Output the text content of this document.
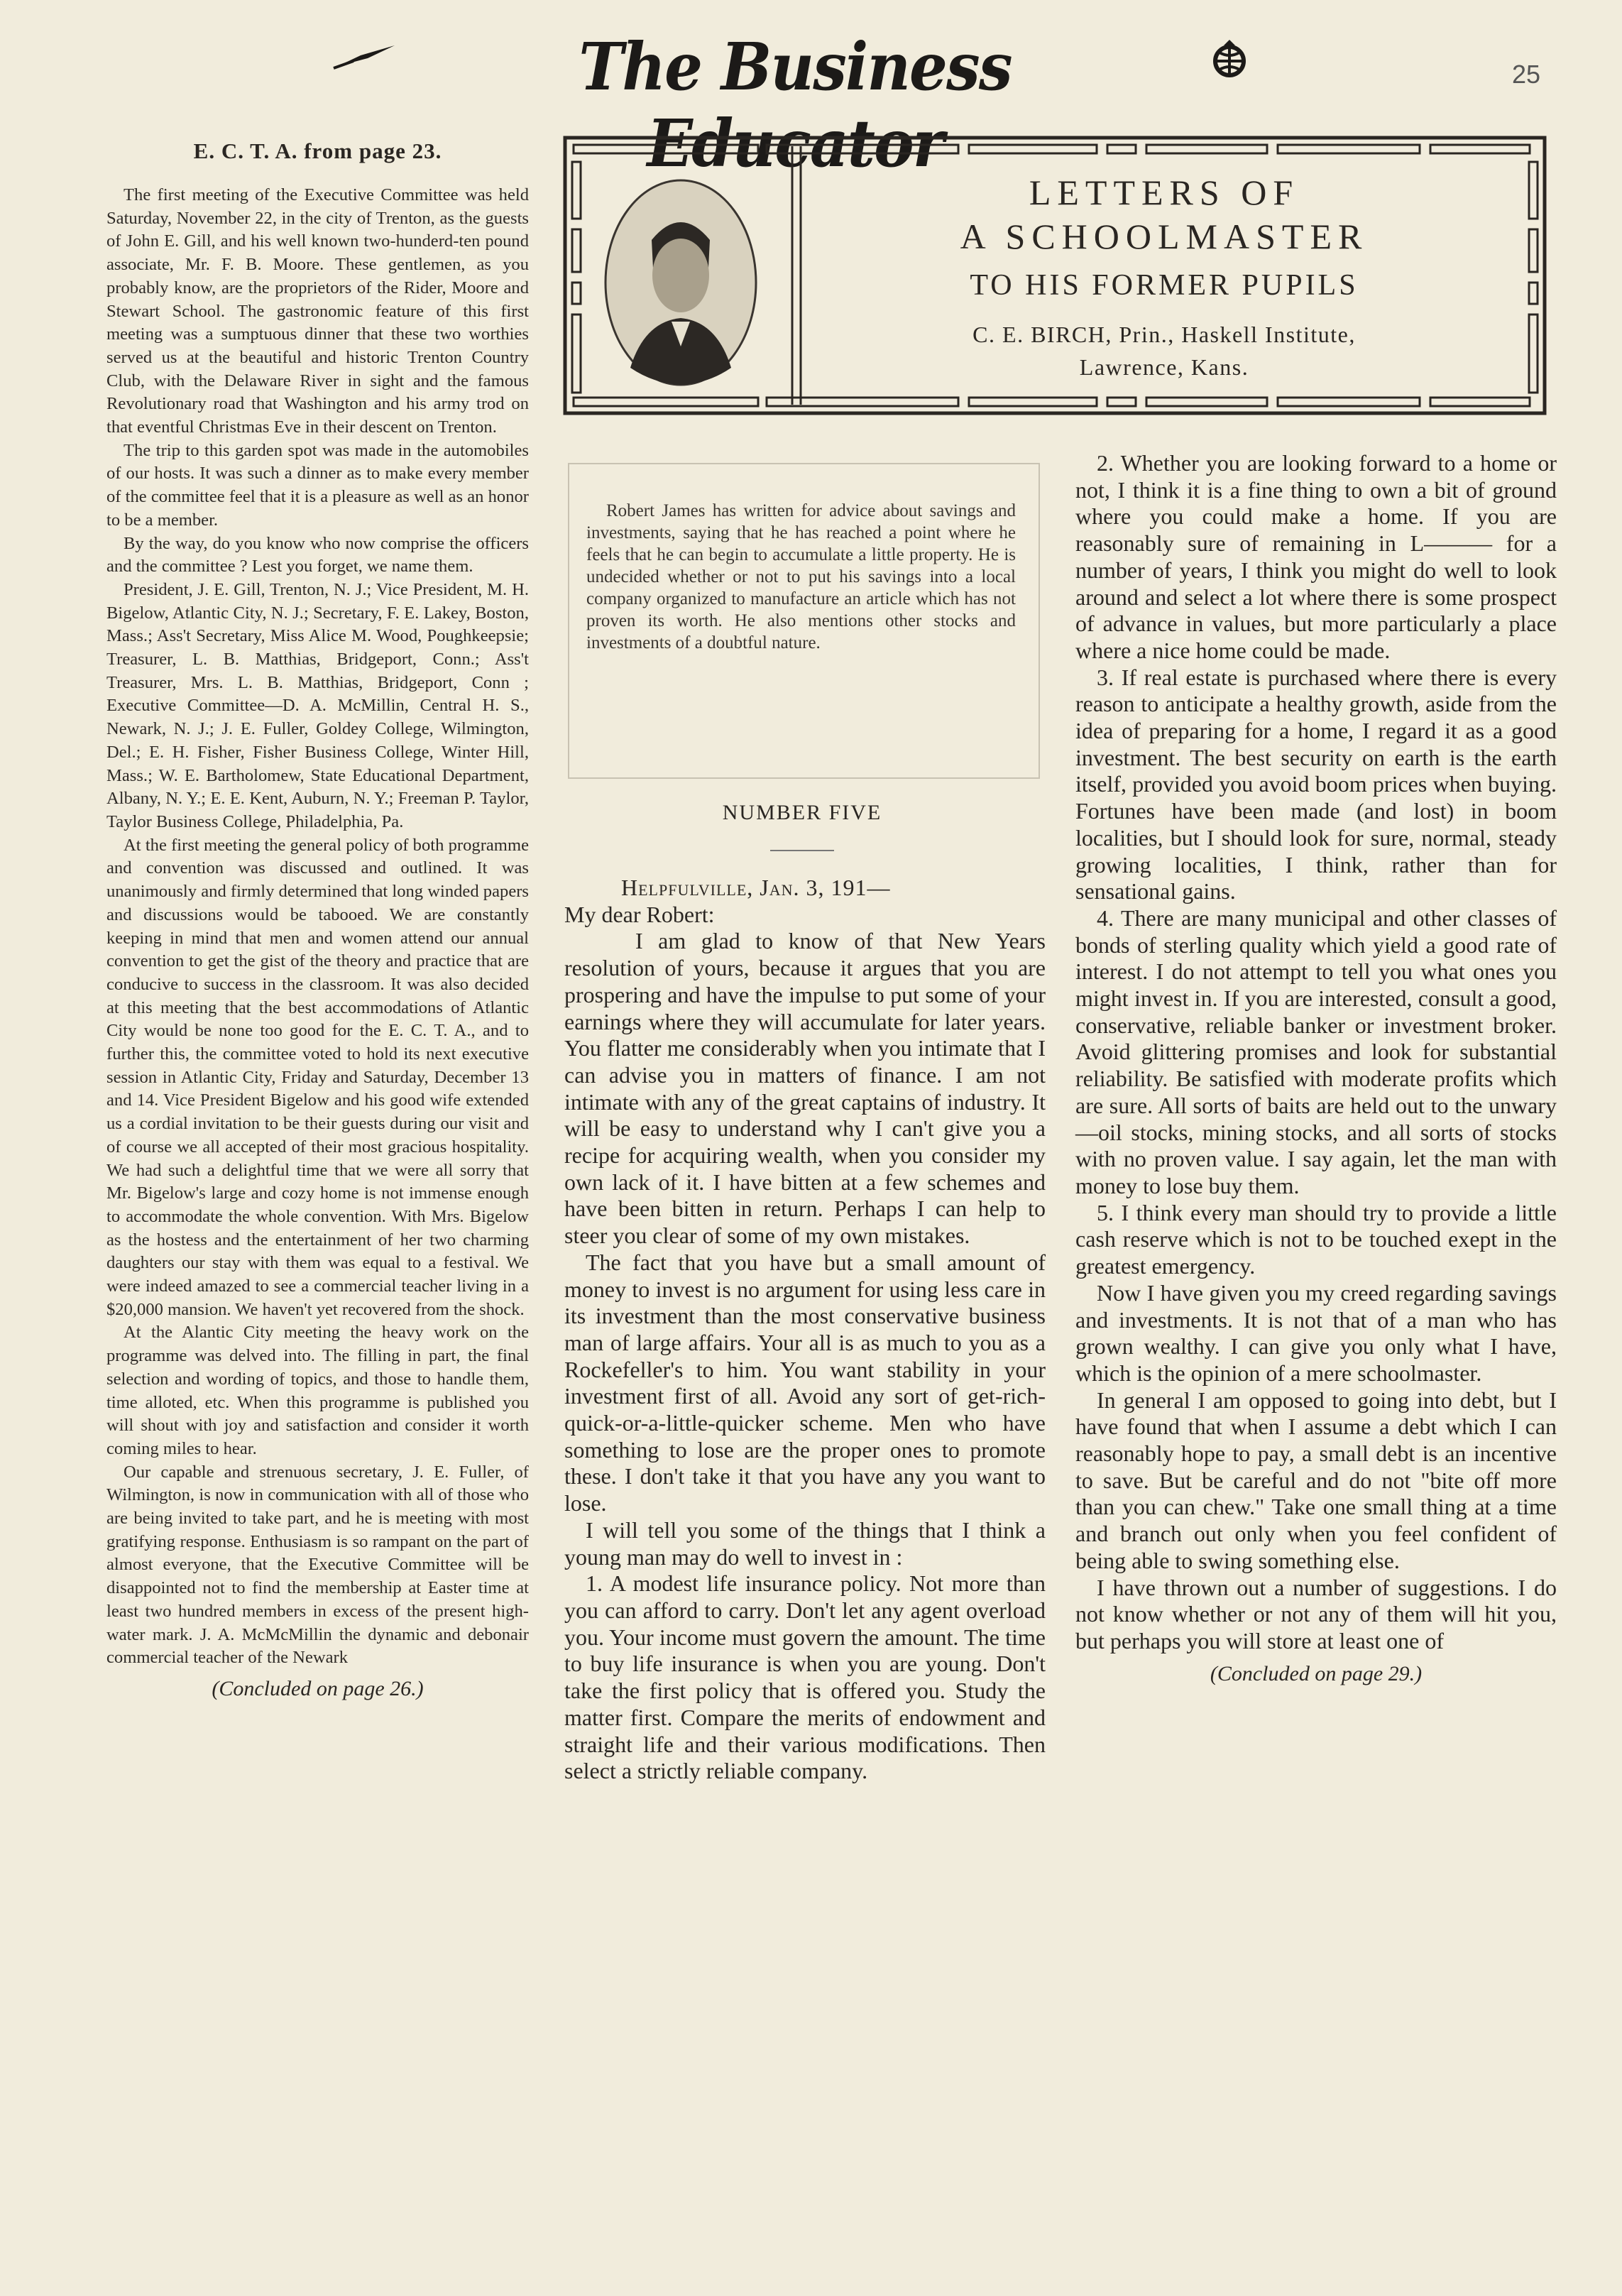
The Business Educator
25
E. C. T. A. from page 23.

The first meeting of the Executive Committee was held Saturday, November 22, in the city of Trenton, as the guests of John E. Gill, and his well known two-hunderd-ten pound associate, Mr. F. B. Moore. These gentlemen, as you probably know, are the proprietors of the Rider, Moore and Stewart School. The gastronomic feature of this first meeting was a sumptuous dinner that these two worthies served us at the beautiful and historic Trenton Country Club, with the Delaware River in sight and the famous Revolutionary road that Washington and his army trod on that eventful Christmas Eve in their descent on Trenton.

The trip to this garden spot was made in the automobiles of our hosts. It was such a dinner as to make every member of the committee feel that it is a pleasure as well as an honor to be a member.

By the way, do you know who now comprise the officers and the committee ? Lest you forget, we name them.

President, J. E. Gill, Trenton, N. J.; Vice President, M. H. Bigelow, Atlantic City, N. J.; Secretary, F. E. Lakey, Boston, Mass.; Ass't Secretary, Miss Alice M. Wood, Poughkeepsie; Treasurer, L. B. Matthias, Bridgeport, Conn.; Ass't Treasurer, Mrs. L. B. Matthias, Bridgeport, Conn ; Executive Committee—D. A. McMillin, Central H. S., Newark, N. J.; J. E. Fuller, Goldey College, Wilmington, Del.; E. H. Fisher, Fisher Business College, Winter Hill, Mass.; W. E. Bartholomew, State Educational Department, Albany, N. Y.; E. E. Kent, Auburn, N. Y.; Freeman P. Taylor, Taylor Business College, Philadelphia, Pa.

At the first meeting the general policy of both programme and convention was discussed and outlined. It was unanimously and firmly determined that long winded papers and discussions would be tabooed. We are constantly keeping in mind that men and women attend our annual convention to get the gist of the theory and practice that are conducive to success in the classroom. It was also decided at this meeting that the best accommodations of Atlantic City would be none too good for the E. C. T. A., and to further this, the committee voted to hold its next executive session in Atlantic City, Friday and Saturday, December 13 and 14. Vice President Bigelow and his good wife extended us a cordial invitation to be their guests during our visit and of course we all accepted of their most gracious hospitality. We had such a delightful time that we were all sorry that Mr. Bigelow's large and cozy home is not immense enough to accommodate the whole convention. With Mrs. Bigelow as the hostess and the entertainment of her two charming daughters our stay with them was equal to a festival. We were indeed amazed to see a commercial teacher living in a $20,000 mansion. We haven't yet recovered from the shock.

At the Alantic City meeting the heavy work on the programme was delved into. The filling in part, the final selection and wording of topics, and those to handle them, time alloted, etc. When this programme is published you will shout with joy and satisfaction and consider it worth coming miles to hear.

Our capable and strenuous secretary, J. E. Fuller, of Wilmington, is now in communication with all of those who are being invited to take part, and he is meeting with most gratifying response. Enthusiasm is so rampant on the part of almost everyone, that the Executive Committee will be disappointed not to find the membership at Easter time at least two hundred members in excess of the present high-water mark. J. A. McMcMillin the dynamic and debonair commercial teacher of the Newark

(Concluded on page 26.)
LETTERS OF
A SCHOOLMASTER
TO HIS FORMER PUPILS
C. E. BIRCH, Prin., Haskell Institute,
Lawrence, Kans.
Robert James has written for advice about savings and investments, saying that he has reached a point where he feels that he can begin to accumulate a little property. He is undecided whether or not to put his savings into a local company organized to manufacture an article which has not proven its worth. He also mentions other stocks and investments of a doubtful nature.
NUMBER FIVE

Helpfulville, Jan. 3, 191—

My dear Robert:

I am glad to know of that New Years resolution of yours, because it argues that you are prospering and have the impulse to put some of your earnings where they will accumulate for later years. You flatter me considerably when you intimate that I can advise you in matters of finance. I am not intimate with any of the great captains of industry. It will be easy to understand why I can't give you a recipe for acquiring wealth, when you consider my own lack of it. I have bitten at a few schemes and have been bitten in return. Perhaps I can help to steer you clear of some of my own mistakes.

The fact that you have but a small amount of money to invest is no argument for using less care in its investment than the most conservative business man of large affairs. Your all is as much to you as a Rockefeller's to him. You want stability in your investment first of all. Avoid any sort of get-rich-quick-or-a-little-quicker scheme. Men who have something to lose are the proper ones to promote these. I don't take it that you have any you want to lose.

I will tell you some of the things that I think a young man may do well to invest in :

1. A modest life insurance policy. Not more than you can afford to carry. Don't let any agent overload you. Your income must govern the amount. The time to buy life insurance is when you are young. Don't take the first policy that is offered you. Study the matter first. Compare the merits of endowment and straight life and their various modifications. Then select a strictly reliable company.

2. Whether you are looking forward to a home or not, I think it is a fine thing to own a bit of ground where you could make a home. If you are reasonably sure of remaining in L——— for a number of years, I think you might do well to look around and select a lot where there is some prospect of advance in values, but more particularly a place where a nice home could be made.

3. If real estate is purchased where there is every reason to anticipate a healthy growth, aside from the idea of preparing for a home, I regard it as a good investment. The best security on earth is the earth itself, provided you avoid boom prices when buying. Fortunes have been made (and lost) in boom localities, but I should look for sure, normal, steady growing localities, I think, rather than for sensational gains.

4. There are many municipal and other classes of bonds of sterling quality which yield a good rate of interest. I do not attempt to tell you what ones you might invest in. If you are interested, consult a good, conservative, reliable banker or investment broker. Avoid glittering promises and look for substantial reliability. Be satisfied with moderate profits which are sure. All sorts of baits are held out to the unwary—oil stocks, mining stocks, and all sorts of stocks with no proven value. I say again, let the man with money to lose buy them.

5. I think every man should try to provide a little cash reserve which is not to be touched exept in the greatest emergency.

Now I have given you my creed regarding savings and investments. It is not that of a man who has grown wealthy. I can give you only what I have, which is the opinion of a mere schoolmaster.

In general I am opposed to going into debt, but I have found that when I assume a debt which I can reasonably hope to pay, a small debt is an incentive to save. But be careful and do not "bite off more than you can chew." Take one small thing at a time and branch out only when you feel confident of being able to swing something else.

I have thrown out a number of suggestions. I do not know whether or not any of them will hit you, but perhaps you will store at least one of

(Concluded on page 29.)
